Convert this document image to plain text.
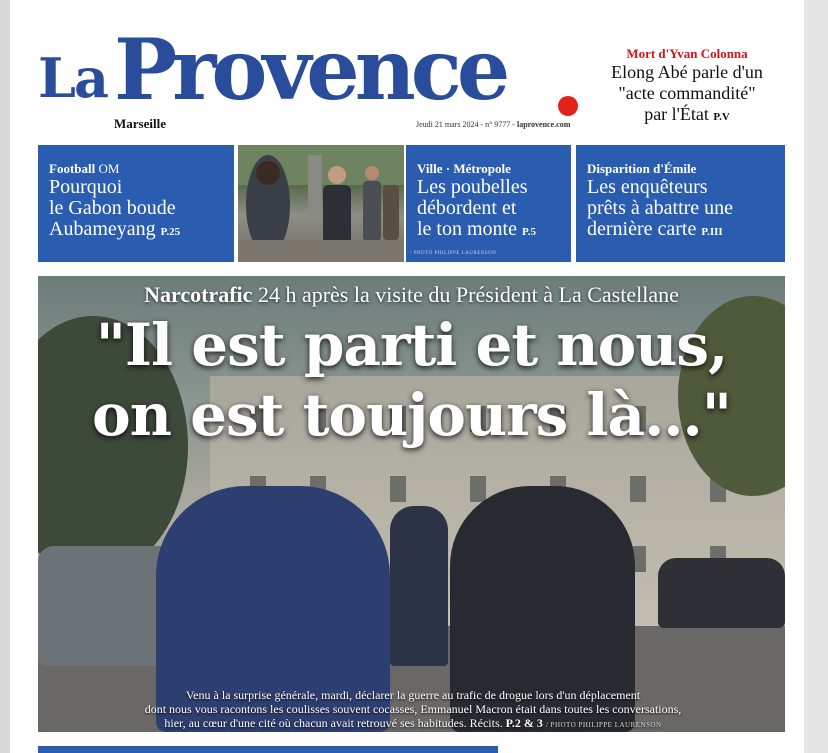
La Provence
Marseille	Jeudi 21 mars 2024 - n° 9777 - laprovence.com
Mort d'Yvan Colonna
Elong Abé parle d'un
"acte commandité"
par l'État P.V
Football OM
Pourquoi
le Gabon boude
Aubameyang P.25
Ville · Métropole
Les poubelles
débordent et
le ton monte P.5
/ PHOTO PHILIPPE LAURENSON
Disparition d'Émile
Les enquêteurs
prêts à abattre une
dernière carte P.III
Narcotrafic 24 h après la visite du Président à La Castellane
"Il est parti et nous,
on est toujours là..."
Venu à la surprise générale, mardi, déclarer la guerre au trafic de drogue lors d'un déplacement
dont nous vous racontons les coulisses souvent cocasses, Emmanuel Macron était dans toutes les conversations,
hier, au cœur d'une cité où chacun avait retrouvé ses habitudes. Récits. P.2 & 3 / PHOTO PHILIPPE LAURENSON
